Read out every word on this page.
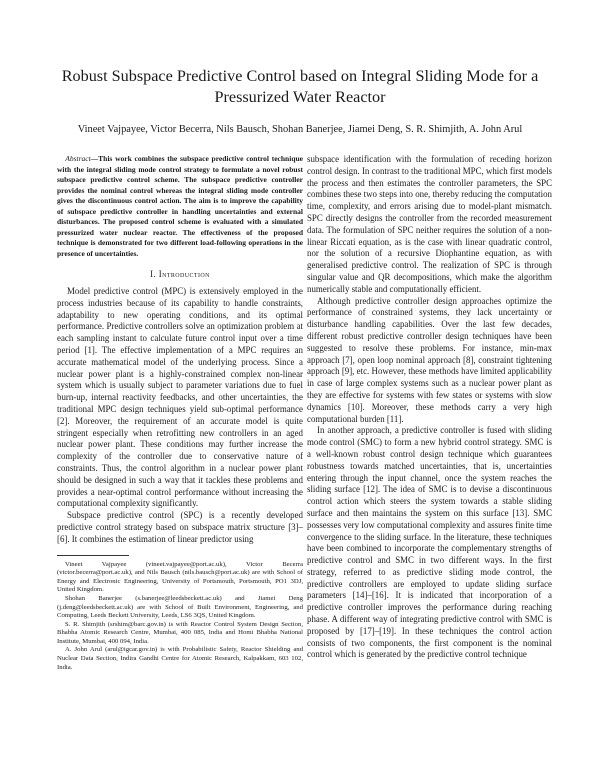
Robust Subspace Predictive Control based on Integral Sliding Mode for a Pressurized Water Reactor
Vineet Vajpayee, Victor Becerra, Nils Bausch, Shohan Banerjee, Jiamei Deng, S. R. Shimjith, A. John Arul

Abstract—This work combines the subspace predictive control technique with the integral sliding mode control strategy to formulate a novel robust subspace predictive control scheme. The subspace predictive controller provides the nominal control whereas the integral sliding mode controller gives the discontinuous control action. The aim is to improve the capability of subspace predictive controller in handling uncertainties and external disturbances. The proposed control scheme is evaluated with a simulated pressurized water nuclear reactor. The effectiveness of the proposed technique is demonstrated for two different load-following operations in the presence of uncertainties.

I. Introduction

Model predictive control (MPC) is extensively employed in the process industries because of its capability to handle constraints, adaptability to new operating conditions, and its optimal performance. Predictive controllers solve an optimization problem at each sampling instant to calculate future control input over a time period [1]. The effective implementation of a MPC requires an accurate mathematical model of the underlying process. Since a nuclear power plant is a highly-constrained complex non-linear system which is usually subject to parameter variations due to fuel burn-up, internal reactivity feedbacks, and other uncertainties, the traditional MPC design techniques yield sub-optimal performance [2]. Moreover, the requirement of an accurate model is quite stringent especially when retrofitting new controllers in an aged nuclear power plant. These conditions may further increase the complexity of the controller due to conservative nature of constraints. Thus, the control algorithm in a nuclear power plant should be designed in such a way that it tackles these problems and provides a near-optimal control performance without increasing the computational complexity significantly.

Subspace predictive control (SPC) is a recently developed predictive control strategy based on subspace matrix structure [3]–[6]. It combines the estimation of linear predictor using

Vineet Vajpayee (vineet.vajpayee@port.ac.uk), Victor Becerra (victor.becerra@port.ac.uk), and Nils Bausch (nils.bausch@port.ac.uk) are with School of Energy and Electronic Engineering, University of Portsmouth, Portsmouth, PO1 3DJ, United Kingdom.

Shohan Banerjee (s.banerjee@leedsbeckett.ac.uk) and Jiamei Deng (j.deng@leedsbeckett.ac.uk) are with School of Built Environment, Engineering, and Computing, Leeds Beckett University, Leeds, LS6 3QS, United Kingdom.

S. R. Shimjith (srshim@barc.gov.in) is with Reactor Control System Design Section, Bhabha Atomic Research Centre, Mumbai, 400 085, India and Homi Bhabha National Institute, Mumbai, 400 094, India.

A. John Arul (arul@igcar.gov.in) is with Probabilistic Safety, Reactor Shielding and Nuclear Data Section, Indira Gandhi Centre for Atomic Research, Kalpakkam, 603 102, India.

subspace identification with the formulation of receding horizon control design. In contrast to the traditional MPC, which first models the process and then estimates the controller parameters, the SPC combines these two steps into one, thereby reducing the computation time, complexity, and errors arising due to model-plant mismatch. SPC directly designs the controller from the recorded measurement data. The formulation of SPC neither requires the solution of a non-linear Riccati equation, as is the case with linear quadratic control, nor the solution of a recursive Diophantine equation, as with generalised predictive control. The realization of SPC is through singular value and QR decompositions, which make the algorithm numerically stable and computationally efficient.

Although predictive controller design approaches optimize the performance of constrained systems, they lack uncertainty or disturbance handling capabilities. Over the last few decades, different robust predictive controller design techniques have been suggested to resolve these problems. For instance, min-max approach [7], open loop nominal approach [8], constraint tightening approach [9], etc. However, these methods have limited applicability in case of large complex systems such as a nuclear power plant as they are effective for systems with few states or systems with slow dynamics [10]. Moreover, these methods carry a very high computational burden [11].

In another approach, a predictive controller is fused with sliding mode control (SMC) to form a new hybrid control strategy. SMC is a well-known robust control design technique which guarantees robustness towards matched uncertainties, that is, uncertainties entering through the input channel, once the system reaches the sliding surface [12]. The idea of SMC is to devise a discontinuous control action which steers the system towards a stable sliding surface and then maintains the system on this surface [13]. SMC possesses very low computational complexity and assures finite time convergence to the sliding surface. In the literature, these techniques have been combined to incorporate the complementary strengths of predictive control and SMC in two different ways. In the first strategy, referred to as predictive sliding mode control, the predictive controllers are employed to update sliding surface parameters [14]–[16]. It is indicated that incorporation of a predictive controller improves the performance during reaching phase. A different way of integrating predictive control with SMC is proposed by [17]–[19]. In these techniques the control action consists of two components, the first component is the nominal control which is generated by the predictive control technique
